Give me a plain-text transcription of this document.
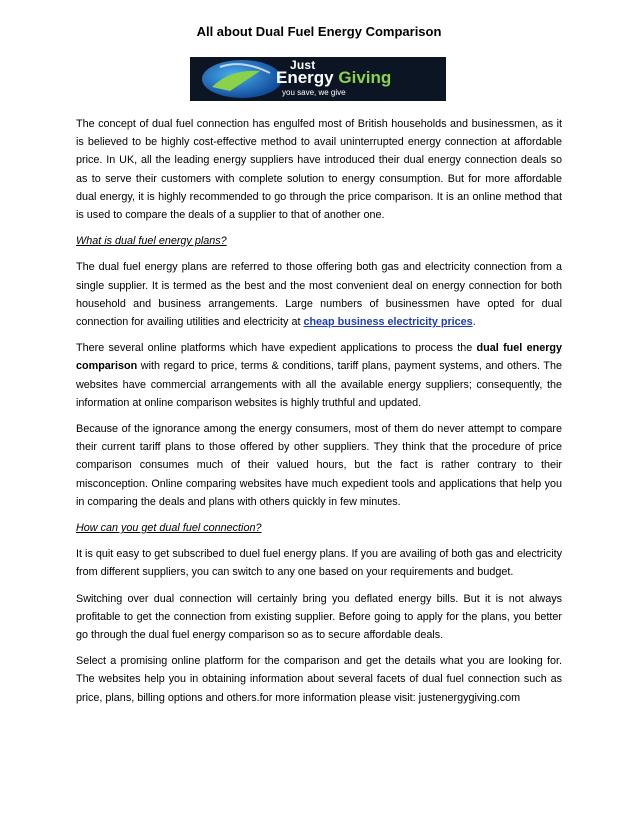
All about Dual Fuel Energy Comparison
Just
Energy Giving
you save, we give

The concept of dual fuel connection has engulfed most of British households and businessmen, as it is believed to be highly cost-effective method to avail uninterrupted energy connection at affordable price. In UK, all the leading energy suppliers have introduced their dual energy connection deals so as to serve their customers with complete solution to energy consumption. But for more affordable dual energy, it is highly recommended to go through the price comparison. It is an online method that is used to compare the deals of a supplier to that of another one.

What is dual fuel energy plans?

The dual fuel energy plans are referred to those offering both gas and electricity connection from a single supplier. It is termed as the best and the most convenient deal on energy connection for both household and business arrangements. Large numbers of businessmen have opted for dual connection for availing utilities and electricity at cheap business electricity prices.

There several online platforms which have expedient applications to process the dual fuel energy comparison with regard to price, terms & conditions, tariff plans, payment systems, and others. The websites have commercial arrangements with all the available energy suppliers; consequently, the information at online comparison websites is highly truthful and updated.

Because of the ignorance among the energy consumers, most of them do never attempt to compare their current tariff plans to those offered by other suppliers. They think that the procedure of price comparison consumes much of their valued hours, but the fact is rather contrary to their misconception. Online comparing websites have much expedient tools and applications that help you in comparing the deals and plans with others quickly in few minutes.

How can you get dual fuel connection?

It is quit easy to get subscribed to duel fuel energy plans. If you are availing of both gas and electricity from different suppliers, you can switch to any one based on your requirements and budget.

Switching over dual connection will certainly bring you deflated energy bills. But it is not always profitable to get the connection from existing supplier. Before going to apply for the plans, you better go through the dual fuel energy comparison so as to secure affordable deals.

Select a promising online platform for the comparison and get the details what you are looking for. The websites help you in obtaining information about several facets of dual fuel connection such as price, plans, billing options and others.for more information please visit: justenergygiving.com
